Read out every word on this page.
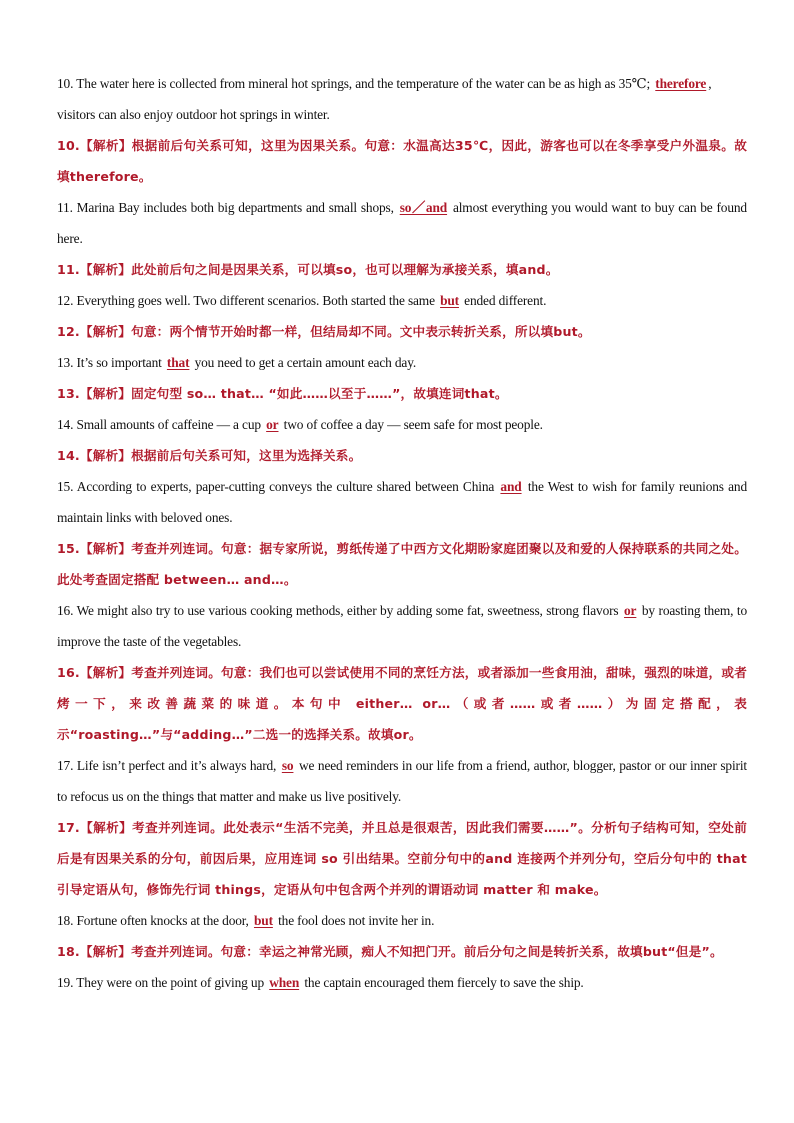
10. The water here is collected from mineral hot springs, and the temperature of the water can be as high as 35℃; therefore , visitors can also enjoy outdoor hot springs in winter.

10.【解析】根据前后句关系可知，这里为因果关系。句意：水温高达35℃，因此，游客也可以在冬季享受户外温泉。故填therefore。

11. Marina Bay includes both big departments and small shops, so／and almost everything you would want to buy can be found here.

11.【解析】此处前后句之间是因果关系，可以填so，也可以理解为承接关系，填and。

12. Everything goes well. Two different scenarios. Both started the same but ended different.

12.【解析】句意：两个情节开始时都一样，但结局却不同。文中表示转折关系，所以填but。

13. It’s so important that you need to get a certain amount each day.

13.【解析】固定句型 so… that… “如此……以至于……”，故填连词that。

14. Small amounts of caffeine — a cup or two of coffee a day — seem safe for most people.

14.【解析】根据前后句关系可知，这里为选择关系。

15. According to experts, paper-cutting conveys the culture shared between China and the West to wish for family reunions and maintain links with beloved ones.

15.【解析】考查并列连词。句意：据专家所说，剪纸传递了中西方文化期盼家庭团聚以及和爱的人保持联系的共同之处。此处考查固定搭配 between… and…。

16. We might also try to use various cooking methods, either by adding some fat, sweetness, strong flavors or by roasting them, to improve the taste of the vegetables.

16.【解析】考查并列连词。句意：我们也可以尝试使用不同的烹饪方法，或者添加一些食用油，甜味，强烈的味道，或者烤一下，来改善蔬菜的味道。本句中 either… or…（或者……或者……）为固定搭配，表示“roasting…”与“adding…”二选一的选择关系。故填or。

17. Life isn’t perfect and it’s always hard, so we need reminders in our life from a friend, author, blogger, pastor or our inner spirit to refocus us on the things that matter and make us live positively.

17.【解析】考查并列连词。此处表示“生活不完美，并且总是很艰苦，因此我们需要……”。分析句子结构可知，空处前后是有因果关系的分句，前因后果，应用连词 so 引出结果。空前分句中的and 连接两个并列分句，空后分句中的 that 引导定语从句，修饰先行词 things，定语从句中包含两个并列的谓语动词 matter 和 make。

18. Fortune often knocks at the door, but the fool does not invite her in.

18.【解析】考查并列连词。句意：幸运之神常光顾，痴人不知把门开。前后分句之间是转折关系，故填but“但是”。

19. They were on the point of giving up when the captain encouraged them fiercely to save the ship.
